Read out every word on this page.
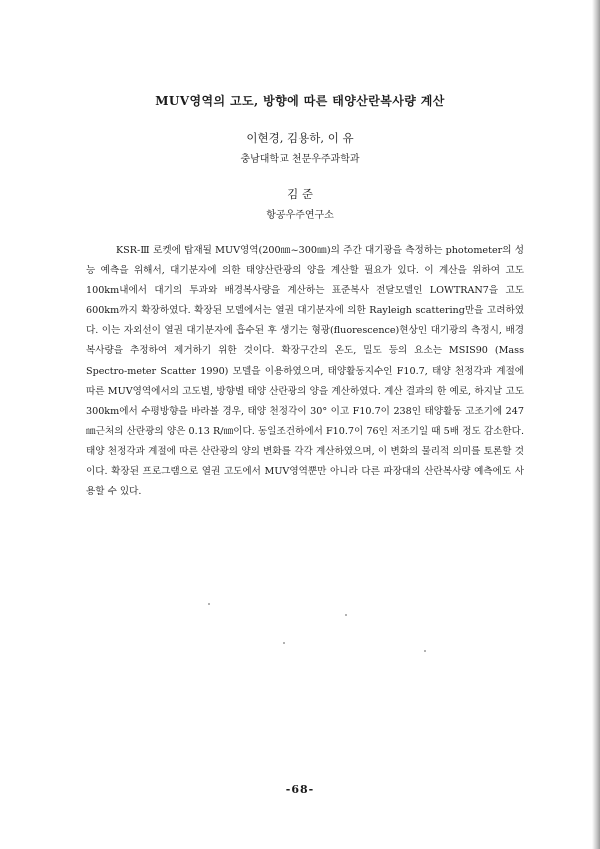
MUV영역의 고도, 방향에 따른 태양산란복사량 계산
이현경, 김용하, 이 유
충남대학교 천문우주과학과
김 준
항공우주연구소
KSR-Ⅲ 로켓에 탑재될 MUV영역(200㎚~300㎚)의 주간 대기광을 측정하는 photometer의 성능 예측을 위해서, 대기분자에 의한 태양산란광의 양을 계산할 필요가 있다. 이 계산을 위하여 고도 100km내에서 대기의 투과와 배경복사량을 계산하는 표준복사 전달모델인 LOWTRAN7을 고도 600km까지 확장하였다. 확장된 모델에서는 열권 대기분자에 의한 Rayleigh scattering만을 고려하였다. 이는 자외선이 열권 대기분자에 흡수된 후 생기는 형광(fluorescence)현상인 대기광의 측정시, 배경 복사량을 추정하여 제거하기 위한 것이다. 확장구간의 온도, 밀도 등의 요소는 MSIS90 (Mass Spectro-meter Scatter 1990) 모델을 이용하였으며, 태양활동지수인 F10.7, 태양 천정각과 계절에 따른 MUV영역에서의 고도별, 방향별 태양 산란광의 양을 계산하였다. 계산 결과의 한 예로, 하지날 고도 300km에서 수평방향을 바라볼 경우, 태양 천정각이 30° 이고 F10.7이 238인 태양활동 고조기에 247㎚근처의 산란광의 양은 0.13 R/㎚이다. 동일조건하에서 F10.7이 76인 저조기일 때 5배 정도 감소한다. 태양 천정각과 계절에 따른 산란광의 양의 변화를 각각 계산하였으며, 이 변화의 물리적 의미를 토론할 것이다. 확장된 프로그램으로 열권 고도에서 MUV영역뿐만 아니라 다른 파장대의 산란복사량 예측에도 사용할 수 있다.
-68-
